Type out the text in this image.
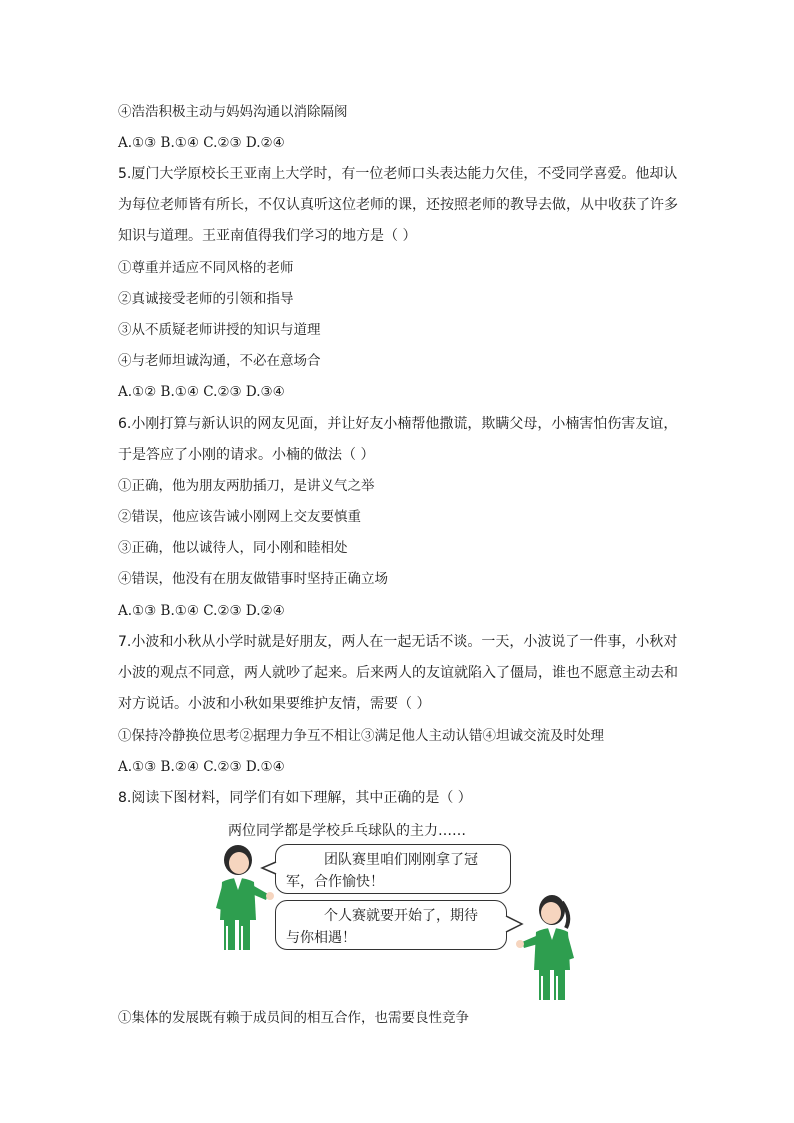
④浩浩积极主动与妈妈沟通以消除隔阂
A.①③ B.①④ C.②③ D.②④
5.厦门大学原校长王亚南上大学时，有一位老师口头表达能力欠佳，不受同学喜爱。他却认
为每位老师皆有所长，不仅认真听这位老师的课，还按照老师的教导去做，从中收获了许多
知识与道理。王亚南值得我们学习的地方是（ ）
①尊重并适应不同风格的老师
②真诚接受老师的引领和指导
③从不质疑老师讲授的知识与道理
④与老师坦诚沟通，不必在意场合
A.①② B.①④ C.②③ D.③④
6.小刚打算与新认识的网友见面，并让好友小楠帮他撒谎，欺瞒父母，小楠害怕伤害友谊，
于是答应了小刚的请求。小楠的做法（ ）
①正确，他为朋友两肋插刀，是讲义气之举
②错误，他应该告诫小刚网上交友要慎重
③正确，他以诚待人，同小刚和睦相处
④错误，他没有在朋友做错事时坚持正确立场
A.①③ B.①④ C.②③ D.②④
7.小波和小秋从小学时就是好朋友，两人在一起无话不谈。一天，小波说了一件事，小秋对
小波的观点不同意，两人就吵了起来。后来两人的友谊就陷入了僵局，谁也不愿意主动去和
对方说话。小波和小秋如果要维护友情，需要（ ）
①保持冷静换位思考②据理力争互不相让③满足他人主动认错④坦诚交流及时处理
A.①③ B.②④ C.②③ D.①④
8.阅读下图材料，同学们有如下理解，其中正确的是（ ）
两位同学都是学校乒乓球队的主力……
团队赛里咱们刚刚拿了冠
军，合作愉快！
个人赛就要开始了，期待
与你相遇！
①集体的发展既有赖于成员间的相互合作，也需要良性竞争
